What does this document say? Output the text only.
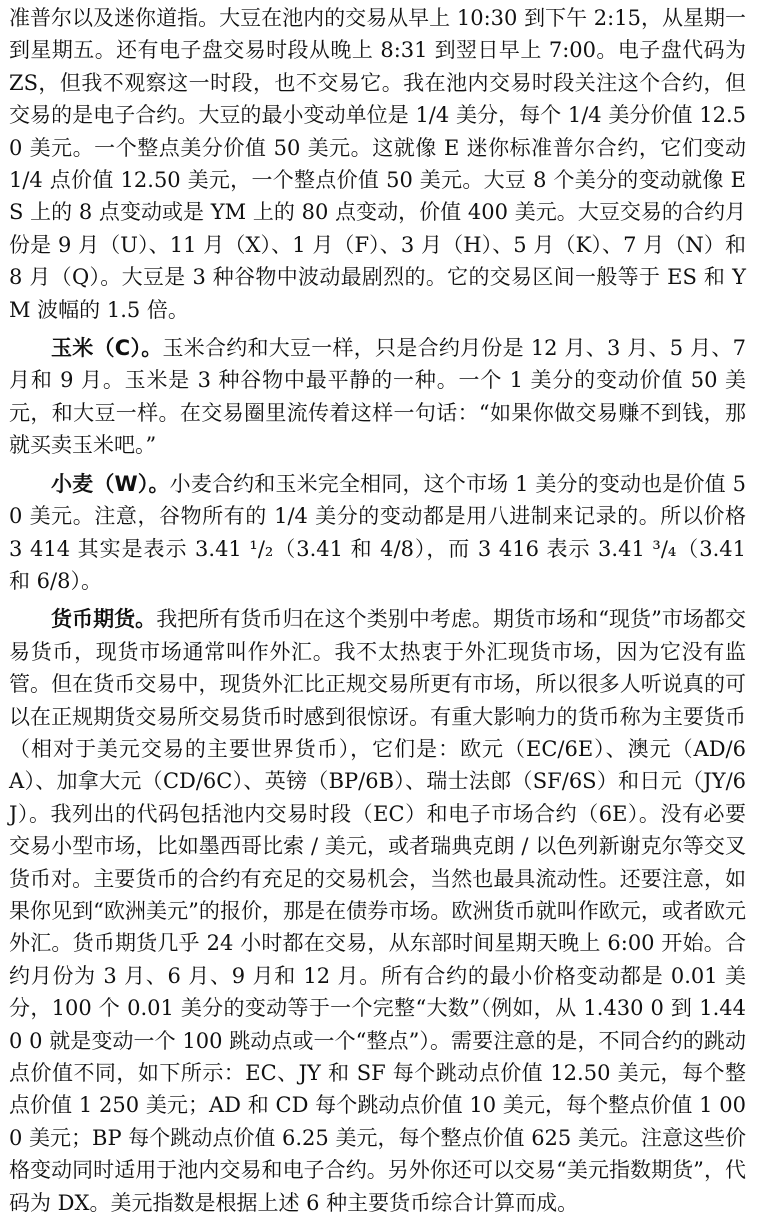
准普尔以及迷你道指。大豆在池内的交易从早上 10:30 到下午 2:15，从星期一到星期五。还有电子盘交易时段从晚上 8:31 到翌日早上 7:00。电子盘代码为 ZS，但我不观察这一时段，也不交易它。我在池内交易时段关注这个合约，但交易的是电子合约。大豆的最小变动单位是 1/4 美分，每个 1/4 美分价值 12.50 美元。一个整点美分价值 50 美元。这就像 E 迷你标准普尔合约，它们变动 1/4 点价值 12.50 美元，一个整点价值 50 美元。大豆 8 个美分的变动就像 ES 上的 8 点变动或是 YM 上的 80 点变动，价值 400 美元。大豆交易的合约月份是 9 月（U）、11 月（X）、1 月（F）、3 月（H）、5 月（K）、7 月（N）和 8 月（Q）。大豆是 3 种谷物中波动最剧烈的。它的交易区间一般等于 ES 和 YM 波幅的 1.5 倍。

玉米（C）。玉米合约和大豆一样，只是合约月份是 12 月、3 月、5 月、7 月和 9 月。玉米是 3 种谷物中最平静的一种。一个 1 美分的变动价值 50 美元，和大豆一样。在交易圈里流传着这样一句话：“如果你做交易赚不到钱，那就买卖玉米吧。”

小麦（W）。小麦合约和玉米完全相同，这个市场 1 美分的变动也是价值 50 美元。注意，谷物所有的 1/4 美分的变动都是用八进制来记录的。所以价格 3 414 其实是表示 3.41 ¹/₂（3.41 和 4/8），而 3 416 表示 3.41 ³/₄（3.41 和 6/8）。

货币期货。我把所有货币归在这个类别中考虑。期货市场和“现货”市场都交易货币，现货市场通常叫作外汇。我不太热衷于外汇现货市场，因为它没有监管。但在货币交易中，现货外汇比正规交易所更有市场，所以很多人听说真的可以在正规期货交易所交易货币时感到很惊讶。有重大影响力的货币称为主要货币（相对于美元交易的主要世界货币），它们是：欧元（EC/6E）、澳元（AD/6A）、加拿大元（CD/6C）、英镑（BP/6B）、瑞士法郎（SF/6S）和日元（JY/6J）。我列出的代码包括池内交易时段（EC）和电子市场合约（6E）。没有必要交易小型市场，比如墨西哥比索 / 美元，或者瑞典克朗 / 以色列新谢克尔等交叉货币对。主要货币的合约有充足的交易机会，当然也最具流动性。还要注意，如果你见到“欧洲美元”的报价，那是在债券市场。欧洲货币就叫作欧元，或者欧元外汇。货币期货几乎 24 小时都在交易，从东部时间星期天晚上 6:00 开始。合约月份为 3 月、6 月、9 月和 12 月。所有合约的最小价格变动都是 0.01 美分，100 个 0.01 美分的变动等于一个完整“大数”（例如，从 1.430 0 到 1.440 0 就是变动一个 100 跳动点或一个“整点”）。需要注意的是，不同合约的跳动点价值不同，如下所示：EC、JY 和 SF 每个跳动点价值 12.50 美元，每个整点价值 1 250 美元；AD 和 CD 每个跳动点价值 10 美元，每个整点价值 1 000 美元；BP 每个跳动点价值 6.25 美元，每个整点价值 625 美元。注意这些价格变动同时适用于池内交易和电子合约。另外你还可以交易“美元指数期货”，代码为 DX。美元指数是根据上述 6 种主要货币综合计算而成。
